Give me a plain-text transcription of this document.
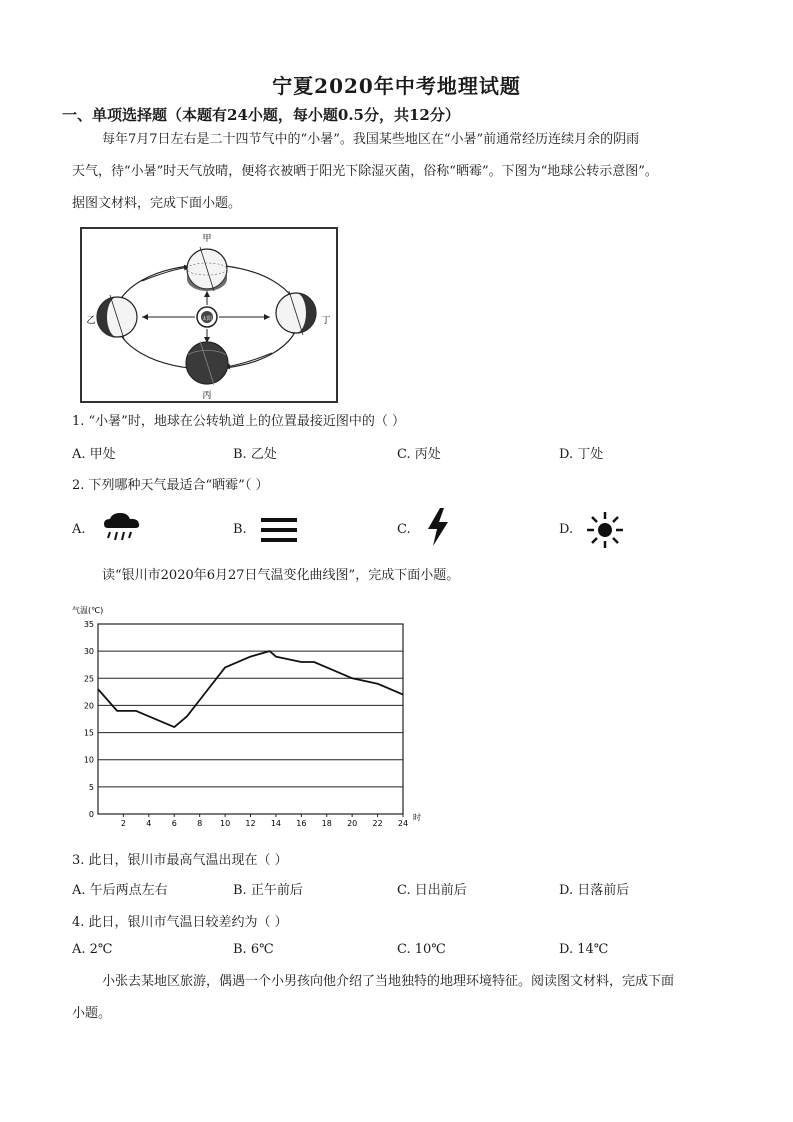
宁夏2020年中考地理试题
一、单项选择题（本题有24小题，每小题0.5分，共12分）
每年7月7日左右是二十四节气中的“小暑”。我国某些地区在“小暑”前通常经历连续月余的阴雨
天气，待“小暑”时天气放晴，便将衣被晒于阳光下除湿灭菌，俗称“晒霉”。下图为“地球公转示意图”。
据图文材料，完成下面小题。
甲
乙
丙
丁
太阳
1. “小暑”时，地球在公转轨道上的位置最接近图中的（ ）
A. 甲处	B. 乙处	C. 丙处	D. 丁处
2. 下列哪种天气最适合“晒霉”（ ）
A.	B.	C.	D.
读“银川市2020年6月27日气温变化曲线图”，完成下面小题。
0
5
10
15
20
25
30
35
2	4	6	8 10 12 14 16 18 20 22 24
气温(℃)
时
3. 此日，银川市最高气温出现在（ ）
A. 午后两点左右	B. 正午前后	C. 日出前后	D. 日落前后
4. 此日，银川市气温日较差约为（ ）
A. 2℃	B. 6℃	C. 10℃	D. 14℃
小张去某地区旅游，偶遇一个小男孩向他介绍了当地独特的地理环境特征。阅读图文材料，完成下面
小题。
